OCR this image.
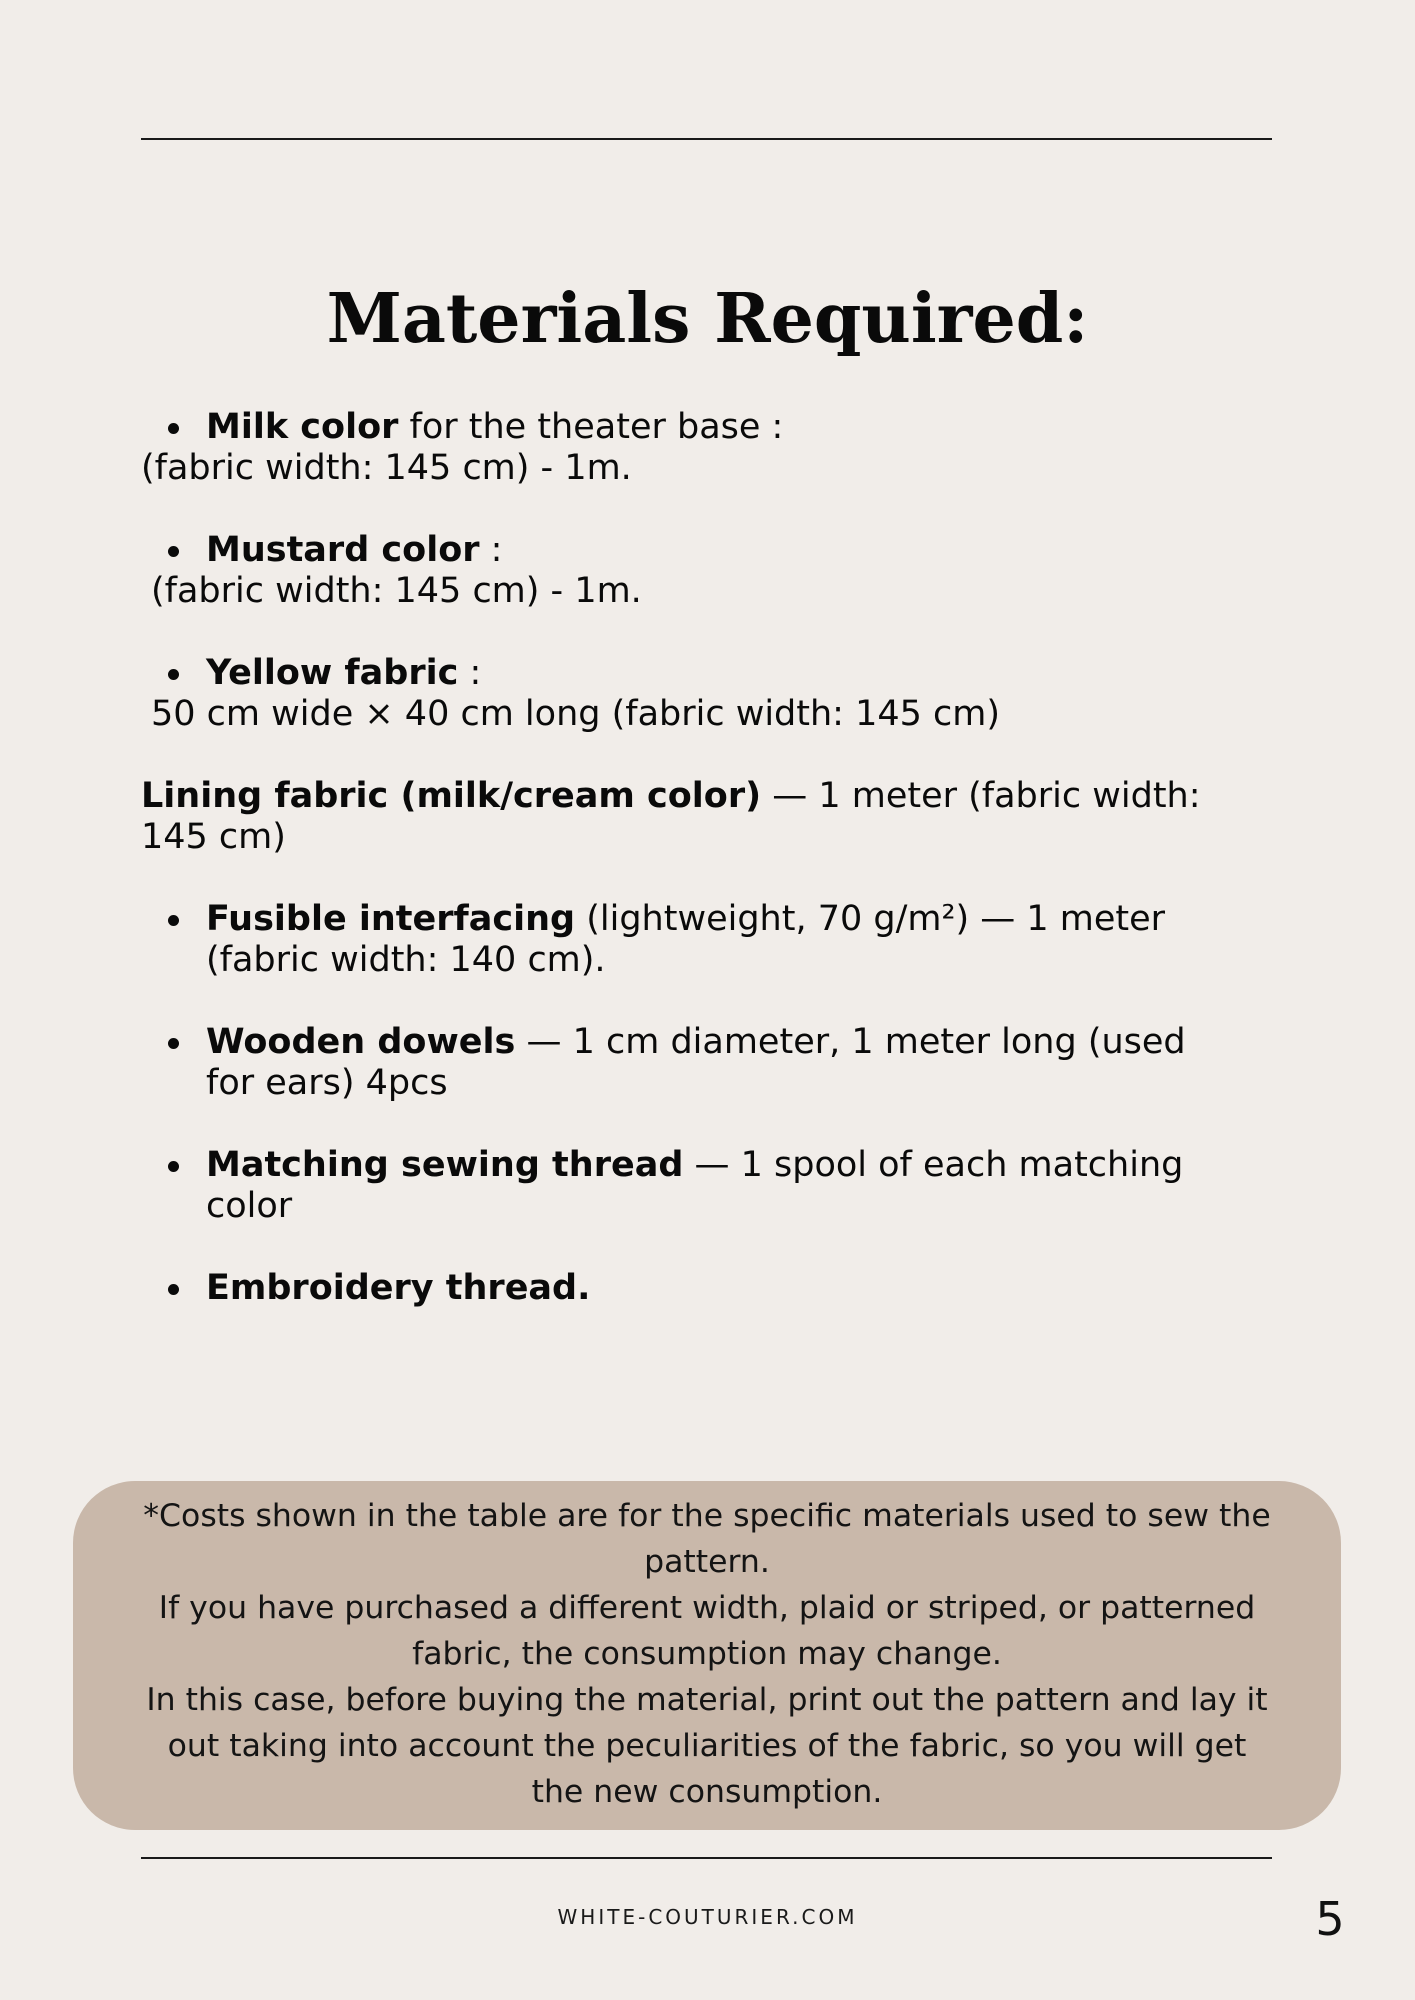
Materials Required:
Milk color for the theater base :
(fabric width: 145 cm) - 1m.
Mustard color :
(fabric width: 145 cm) - 1m.
Yellow fabric :
50 cm wide × 40 cm long (fabric width: 145 cm)
Lining fabric (milk/cream color) — 1 meter (fabric width:
145 cm)
Fusible interfacing (lightweight, 70 g/m²) — 1 meter
(fabric width: 140 cm).
Wooden dowels — 1 cm diameter, 1 meter long (used
for ears) 4pcs
Matching sewing thread — 1 spool of each matching
color
Embroidery thread.

*Costs shown in the table are for the specific materials used to sew the

pattern.

If you have purchased a different width, plaid or striped, or patterned

fabric, the consumption may change.

In this case, before buying the material, print out the pattern and lay it

out taking into account the peculiarities of the fabric, so you will get

the new consumption.

WHITE-COUTURIER.COM	5
